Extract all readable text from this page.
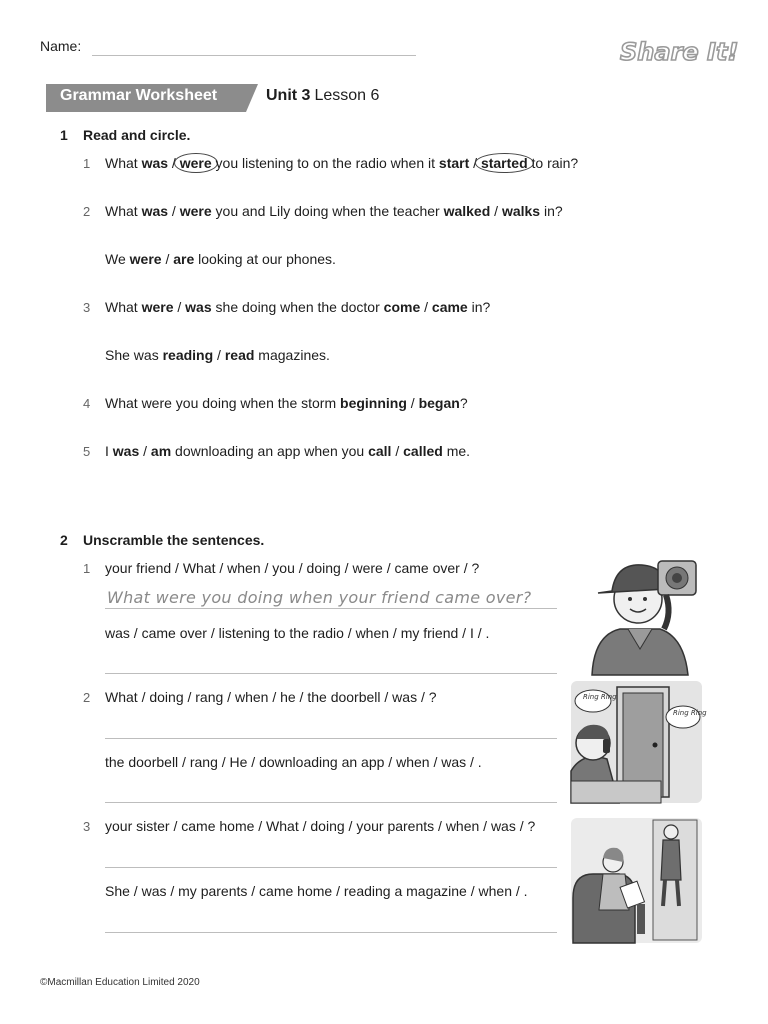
Name:	Share It!
Grammar Worksheet	Unit 3 Lesson 6
1 Read and circle.
1 What was / were you listening to on the radio when it start / started to rain?
2 What was / were you and Lily doing when the teacher walked / walks in?
We were / are looking at our phones.
3 What were / was she doing when the doctor come / came in?
She was reading / read magazines.
4 What were you doing when the storm beginning / began?
5 I was / am downloading an app when you call / called me.
2 Unscramble the sentences.
1 your friend / What / when / you / doing / were / came over / ?
What were you doing when your friend came over?
was / came over / listening to the radio / when / my friend / I / .
2 What / doing / rang / when / he / the doorbell / was / ?
the doorbell / rang / He / downloading an app / when / was / .
3 your sister / came home / What / doing / your parents / when / was / ?
She / was / my parents / came home / reading a magazine / when / .
Ring Ring
Ring Ring
©Macmillan Education Limited 2020
